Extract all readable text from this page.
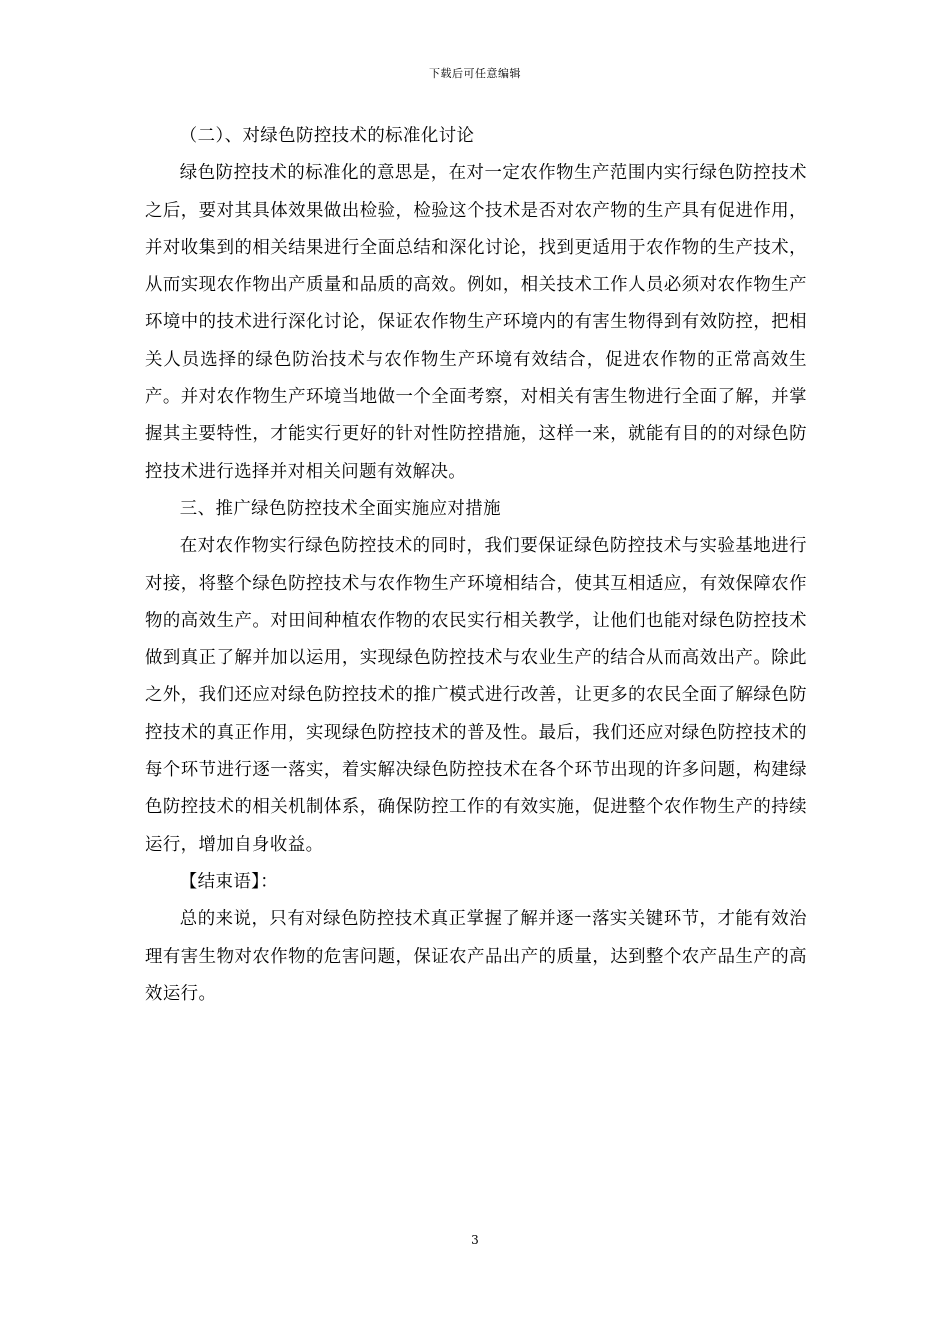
下载后可任意编辑

（二）、对绿色防控技术的标准化讨论

绿色防控技术的标准化的意思是，在对一定农作物生产范围内实行绿色防控技术之后，要对其具体效果做出检验，检验这个技术是否对农产物的生产具有促进作用，并对收集到的相关结果进行全面总结和深化讨论，找到更适用于农作物的生产技术，从而实现农作物出产质量和品质的高效。例如，相关技术工作人员必须对农作物生产环境中的技术进行深化讨论，保证农作物生产环境内的有害生物得到有效防控，把相关人员选择的绿色防治技术与农作物生产环境有效结合，促进农作物的正常高效生产。并对农作物生产环境当地做一个全面考察，对相关有害生物进行全面了解，并掌握其主要特性，才能实行更好的针对性防控措施，这样一来，就能有目的的对绿色防控技术进行选择并对相关问题有效解决。

三、推广绿色防控技术全面实施应对措施

在对农作物实行绿色防控技术的同时，我们要保证绿色防控技术与实验基地进行对接，将整个绿色防控技术与农作物生产环境相结合，使其互相适应，有效保障农作物的高效生产。对田间种植农作物的农民实行相关教学，让他们也能对绿色防控技术做到真正了解并加以运用，实现绿色防控技术与农业生产的结合从而高效出产。除此之外，我们还应对绿色防控技术的推广模式进行改善，让更多的农民全面了解绿色防控技术的真正作用，实现绿色防控技术的普及性。最后，我们还应对绿色防控技术的每个环节进行逐一落实，着实解决绿色防控技术在各个环节出现的许多问题，构建绿色防控技术的相关机制体系，确保防控工作的有效实施，促进整个农作物生产的持续运行，增加自身收益。

【结束语】：

总的来说，只有对绿色防控技术真正掌握了解并逐一落实关键环节，才能有效治理有害生物对农作物的危害问题，保证农产品出产的质量，达到整个农产品生产的高效运行。

3
